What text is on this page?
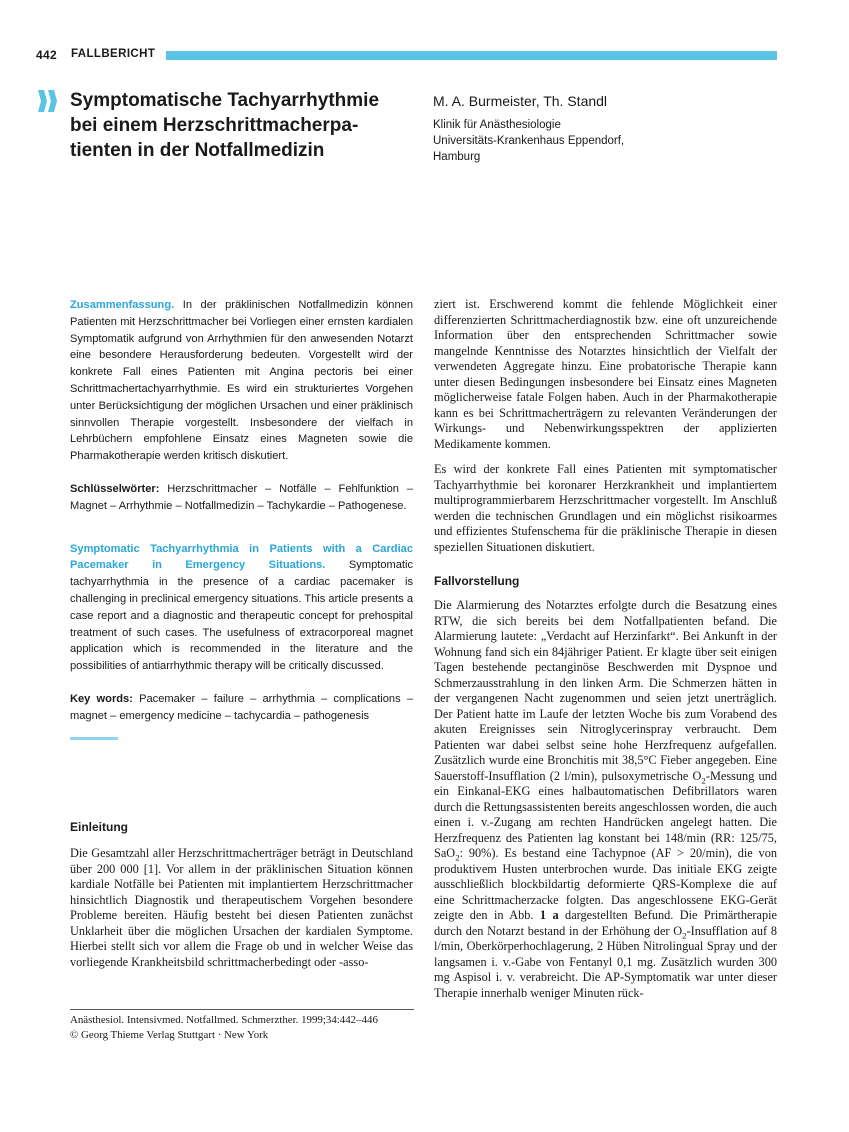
442 FALLBERICHT
Symptomatische Tachyarrhythmie
bei einem Herzschrittmacherpa-
tienten in der Notfallmedizin
M. A. Burmeister, Th. Standl
Klinik für Anästhesiologie
Universitäts-Krankenhaus Eppendorf,
Hamburg
Zusammenfassung. In der präklinischen Notfallmedizin können Patienten mit Herzschrittmacher bei Vorliegen einer ernsten kardialen Symptomatik aufgrund von Arrhythmien für den anwesenden Notarzt eine besondere Herausforderung bedeuten. Vorgestellt wird der konkrete Fall eines Patienten mit Angina pectoris bei einer Schrittmachertachyarrhythmie. Es wird ein strukturiertes Vorgehen unter Berücksichtigung der möglichen Ursachen und einer präklinisch sinnvollen Therapie vorgestellt. Insbesondere der vielfach in Lehrbüchern empfohlene Einsatz eines Magneten sowie die Pharmakotherapie werden kritisch diskutiert.
Schlüsselwörter: Herzschrittmacher – Notfälle – Fehlfunktion – Magnet – Arrhythmie – Notfallmedizin – Tachykardie – Pathogenese.
Symptomatic Tachyarrhythmia in Patients with a Cardiac Pacemaker in Emergency Situations. Symptomatic tachyarrhythmia in the presence of a cardiac pacemaker is challenging in preclinical emergency situations. This article presents a case report and a diagnostic and therapeutic concept for prehospital treatment of such cases. The usefulness of extracorporeal magnet application which is recommended in the literature and the possibilities of antiarrhythmic therapy will be critically discussed.
Key words: Pacemaker – failure – arrhythmia – complications – magnet – emergency medicine – tachycardia – pathogenesis
Einleitung
Die Gesamtzahl aller Herzschrittmacherträger beträgt in Deutschland über 200 000 [1]. Vor allem in der präklinischen Situation können kardiale Notfälle bei Patienten mit implantiertem Herzschrittmacher hinsichtlich Diagnostik und therapeutischem Vorgehen besondere Probleme bereiten. Häufig besteht bei diesen Patienten zunächst Unklarheit über die möglichen Ursachen der kardialen Symptome. Hierbei stellt sich vor allem die Frage ob und in welcher Weise das vorliegende Krankheitsbild schrittmacherbedingt oder -asso-
ziert ist. Erschwerend kommt die fehlende Möglichkeit einer differenzierten Schrittmacherdiagnostik bzw. eine oft unzureichende Information über den entsprechenden Schrittmacher sowie mangelnde Kenntnisse des Notarztes hinsichtlich der Vielfalt der verwendeten Aggregate hinzu. Eine probatorische Therapie kann unter diesen Bedingungen insbesondere bei Einsatz eines Magneten möglicherweise fatale Folgen haben. Auch in der Pharmakotherapie kann es bei Schrittmacherträgern zu relevanten Veränderungen der Wirkungs- und Nebenwirkungsspektren der applizierten Medikamente kommen.
Es wird der konkrete Fall eines Patienten mit symptomatischer Tachyarrhythmie bei koronarer Herzkrankheit und implantiertem multiprogrammierbarem Herzschrittmacher vorgestellt. Im Anschluß werden die technischen Grundlagen und ein möglichst risikoarmes und effizientes Stufenschema für die präklinische Therapie in diesen speziellen Situationen diskutiert.
Fallvorstellung
Die Alarmierung des Notarztes erfolgte durch die Besatzung eines RTW, die sich bereits bei dem Notfallpatienten befand. Die Alarmierung lautete: „Verdacht auf Herzinfarkt“. Bei Ankunft in der Wohnung fand sich ein 84jähriger Patient. Er klagte über seit einigen Tagen bestehende pectanginöse Beschwerden mit Dyspnoe und Schmerzausstrahlung in den linken Arm. Die Schmerzen hätten in der vergangenen Nacht zugenommen und seien jetzt unerträglich. Der Patient hatte im Laufe der letzten Woche bis zum Vorabend des akuten Ereignisses sein Nitroglycerinspray verbraucht. Dem Patienten war dabei selbst seine hohe Herzfrequenz aufgefallen. Zusätzlich wurde eine Bronchitis mit 38,5°C Fieber angegeben. Eine Sauerstoff-Insufflation (2 l/min), pulsoxymetrische $O_2$-Messung und ein Einkanal-EKG eines halbautomatischen Defibrillators waren durch die Rettungsassistenten bereits angeschlossen worden, die auch einen i. v.-Zugang am rechten Handrücken angelegt hatten. Die Herzfrequenz des Patienten lag konstant bei 148/min (RR: 125/75, SaO$_2$: 90%). Es bestand eine Tachypnoe (AF > 20/min), die von produktivem Husten unterbrochen wurde. Das initiale EKG zeigte ausschließlich blockbildartig deformierte QRS-Komplexe die auf eine Schrittmacherzacke folgten. Das angeschlossene EKG-Gerät zeigte den in Abb. 1 a dargestellten Befund. Die Primärtherapie durch den Notarzt bestand in der Erhöhung der $O_2$-Insufflation auf 8 l/min, Oberkörperhochlagerung, 2 Hüben Nitrolingual Spray und der langsamen i. v.-Gabe von Fentanyl 0,1 mg. Zusätzlich wurden 300 mg Aspisol i. v. verabreicht. Die AP-Symptomatik war unter dieser Therapie innerhalb weniger Minuten rück-
Anästhesiol. Intensivmed. Notfallmed. Schmerzther. 1999;34:442–446
© Georg Thieme Verlag Stuttgart · New York
